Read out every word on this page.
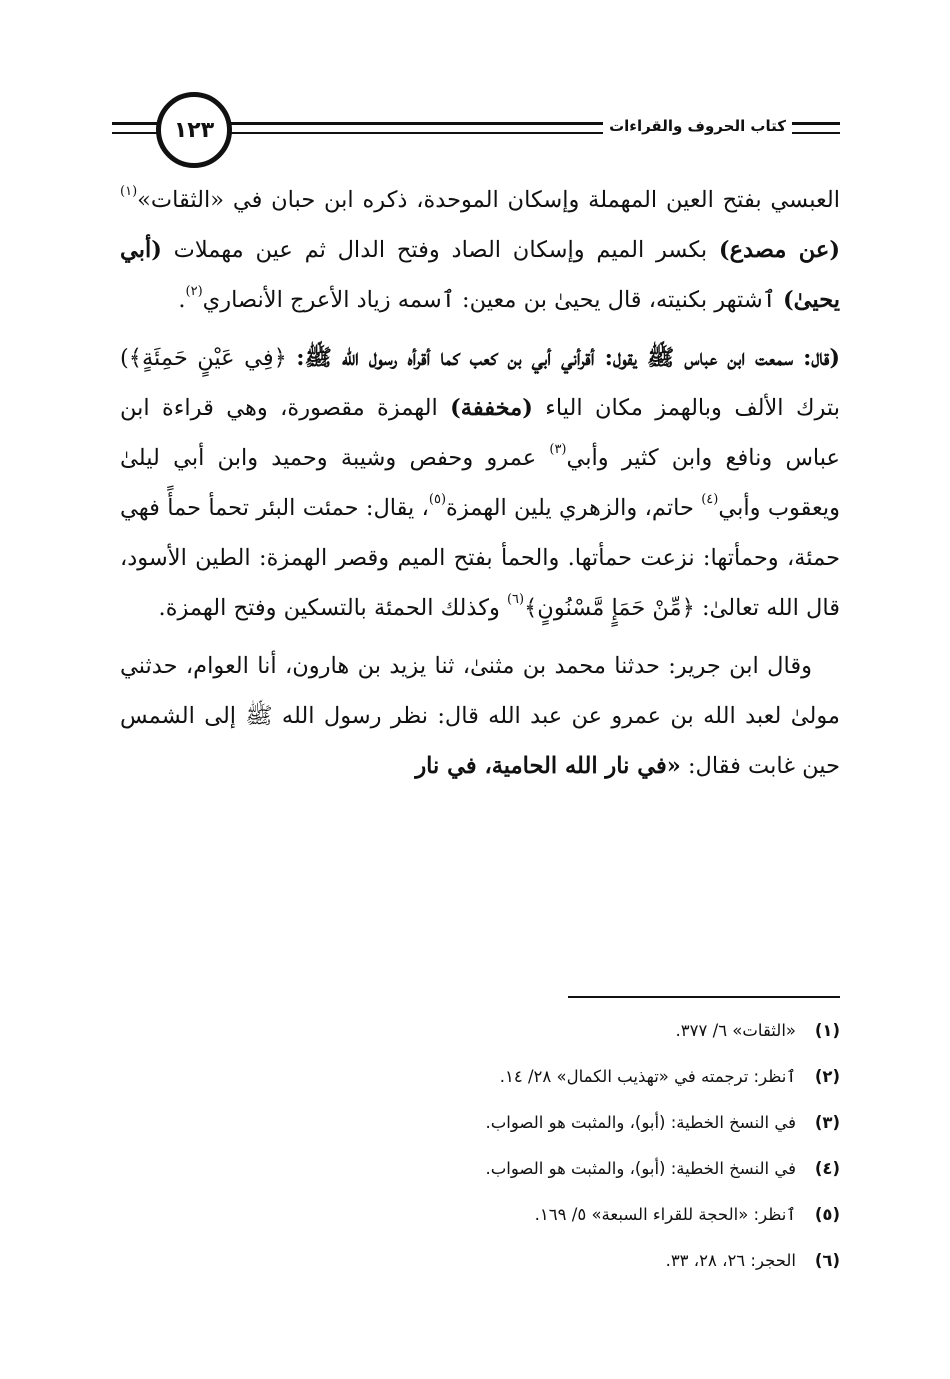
١٢٣	كتاب الحروف والقراءات

العبسي بفتح العين المهملة وإسكان الموحدة، ذكره ابن حبان في «الثقات»$^{(١)}$ (عن مصدع) بكسر الميم وإسكان الصاد وفتح الدال ثم عين مهملات (أبي يحيىٰ) ٱشتهر بكنيته، قال يحيىٰ بن معين: ٱسمه زياد الأعرج الأنصاري$^{(٢)}$.

(قال: سمعت ابن عباس ﷺ يقول: أقرأني أبي بن كعب كما أقرأه رسول الله ﷺ: ﴿فِي عَيْنٍ حَمِئَةٍ﴾) بترك الألف وبالهمز مكان الياء (مخففة) الهمزة مقصورة، وهي قراءة ابن عباس ونافع وابن كثير وأبي$^{(٣)}$ عمرو وحفص وشيبة وحميد وابن أبي ليلىٰ ويعقوب وأبي$^{(٤)}$ حاتم، والزهري يلين الهمزة$^{(٥)}$، يقال: حمئت البئر تحمأ حمأً فهي حمئة، وحمأتها: نزعت حمأتها. والحمأ بفتح الميم وقصر الهمزة: الطين الأسود، قال الله تعالىٰ: ﴿مِّنْ حَمَإٍ مَّسْنُونٍ﴾$^{(٦)}$ وكذلك الحمئة بالتسكين وفتح الهمزة.

وقال ابن جرير: حدثنا محمد بن مثنىٰ، ثنا يزيد بن هارون، أنا العوام، حدثني مولىٰ لعبد الله بن عمرو عن عبد الله قال: نظر رسول الله ﷺ إلى الشمس حين غابت فقال: «في نار الله الحامية، في نار

(١)«الثقات» ٦/ ٣٧٧.
(٢)ٱنظر: ترجمته في «تهذيب الكمال» ٢٨/ ١٤.
(٣)في النسخ الخطية: (أبو)، والمثبت هو الصواب.
(٤)في النسخ الخطية: (أبو)، والمثبت هو الصواب.
(٥)ٱنظر: «الحجة للقراء السبعة» ٥/ ١٦٩.
(٦)الحجر: ٢٦، ٢٨، ٣٣.
